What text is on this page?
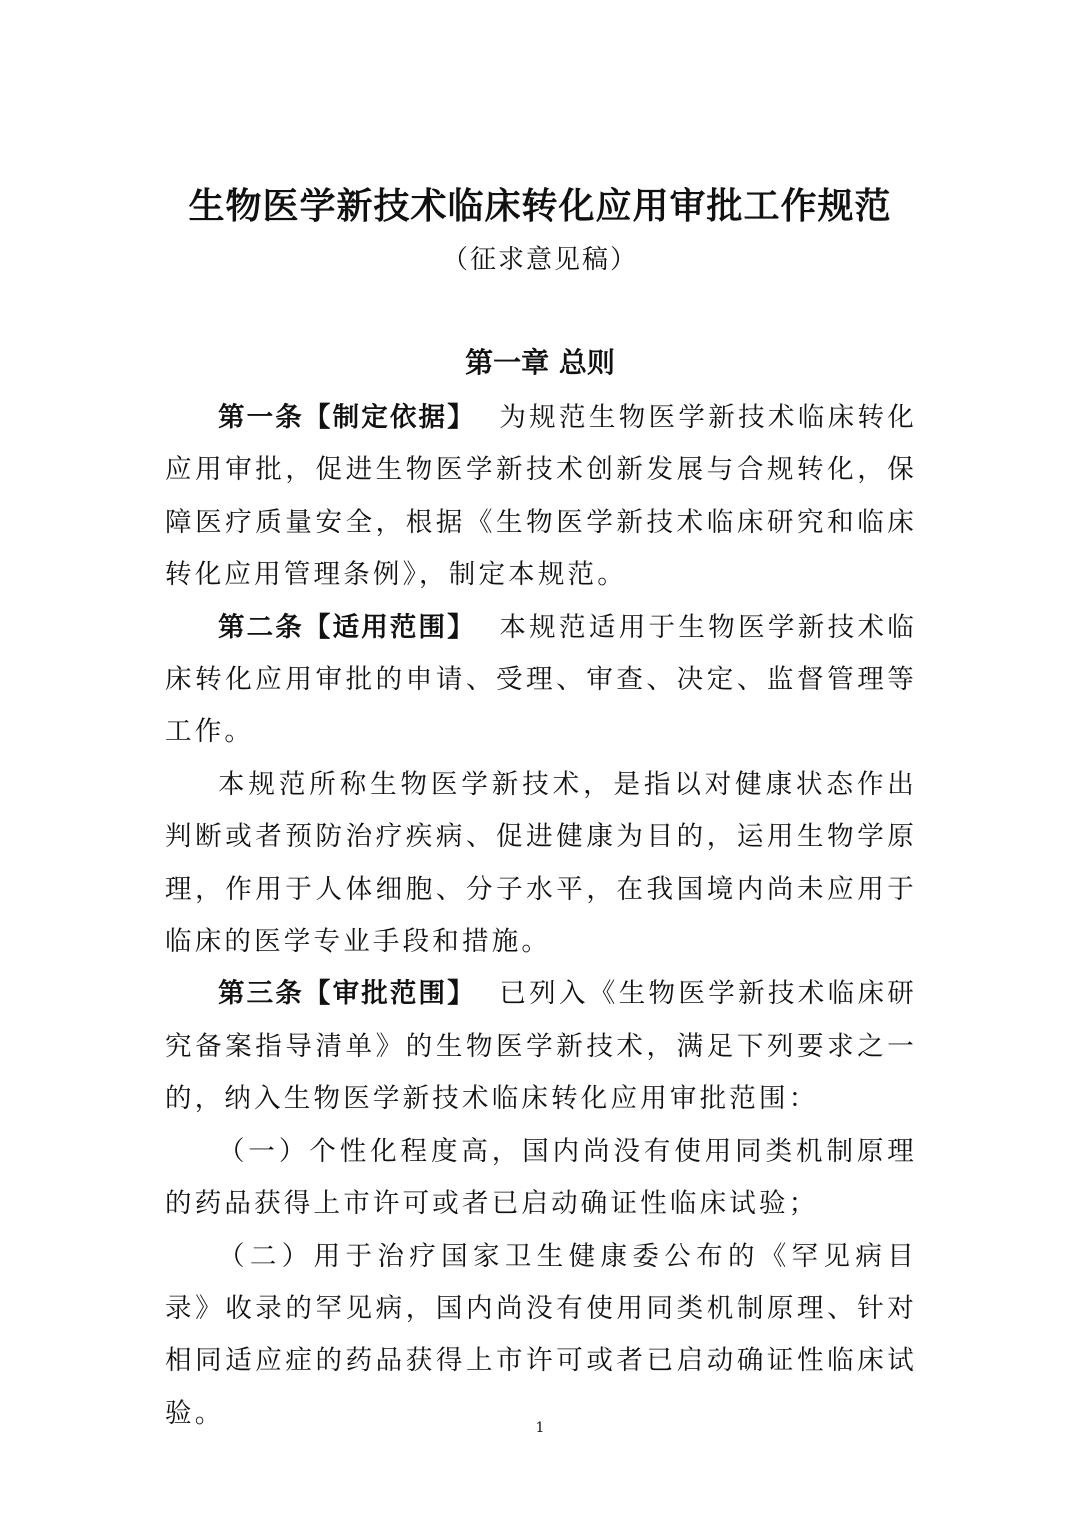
生物医学新技术临床转化应用审批工作规范

（征求意见稿）

第一章 总则

第一条【制定依据】 为规范生物医学新技术临床转化应用审批，促进生物医学新技术创新发展与合规转化，保障医疗质量安全，根据《生物医学新技术临床研究和临床转化应用管理条例》，制定本规范。

第二条【适用范围】 本规范适用于生物医学新技术临床转化应用审批的申请、受理、审查、决定、监督管理等工作。

本规范所称生物医学新技术，是指以对健康状态作出判断或者预防治疗疾病、促进健康为目的，运用生物学原理，作用于人体细胞、分子水平，在我国境内尚未应用于临床的医学专业手段和措施。

第三条【审批范围】 已列入《生物医学新技术临床研究备案指导清单》的生物医学新技术，满足下列要求之一的，纳入生物医学新技术临床转化应用审批范围：

（一）个性化程度高，国内尚没有使用同类机制原理的药品获得上市许可或者已启动确证性临床试验；

（二）用于治疗国家卫生健康委公布的《罕见病目录》收录的罕见病，国内尚没有使用同类机制原理、针对相同适应症的药品获得上市许可或者已启动确证性临床试验。	1
